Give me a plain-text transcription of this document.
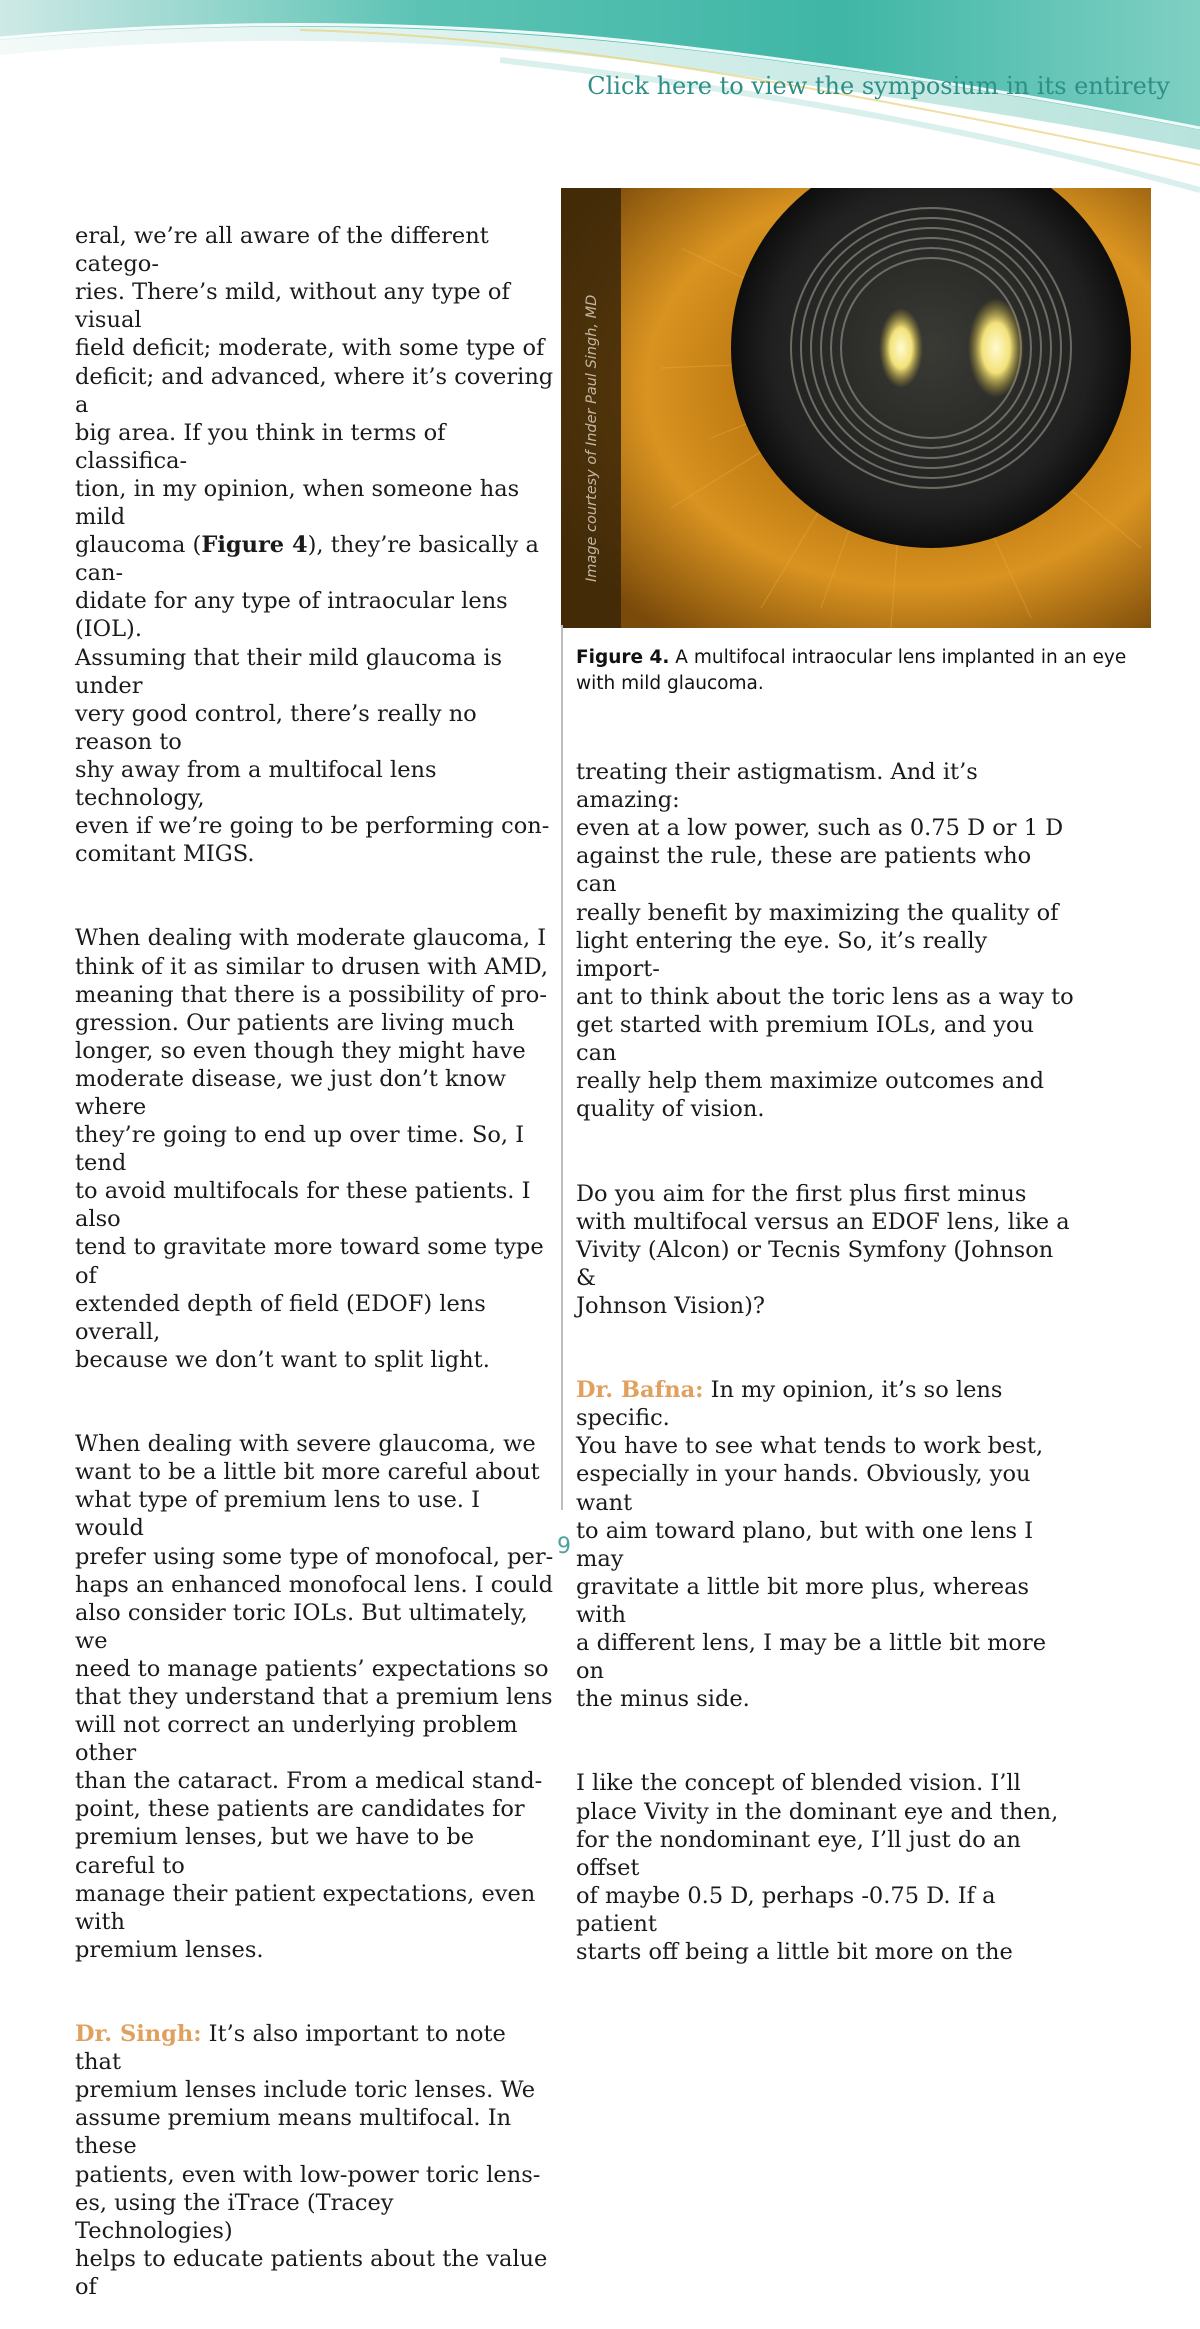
Click here to view the symposium in its entirety

eral, we’re all aware of the different catego-
ries. There’s mild, without any type of visual
field deficit; moderate, with some type of
deficit; and advanced, where it’s covering a
big area. If you think in terms of classifica-
tion, in my opinion, when someone has mild
glaucoma (Figure 4), they’re basically a can-
didate for any type of intraocular lens (IOL).
Assuming that their mild glaucoma is under
very good control, there’s really no reason to
shy away from a multifocal lens technology,
even if we’re going to be performing con-
comitant MIGS.

When dealing with moderate glaucoma, I
think of it as similar to drusen with AMD,
meaning that there is a possibility of pro-
gression. Our patients are living much
longer, so even though they might have
moderate disease, we just don’t know where
they’re going to end up over time. So, I tend
to avoid multifocals for these patients. I also
tend to gravitate more toward some type of
extended depth of field (EDOF) lens overall,
because we don’t want to split light.

When dealing with severe glaucoma, we
want to be a little bit more careful about
what type of premium lens to use. I would
prefer using some type of monofocal, per-
haps an enhanced monofocal lens. I could
also consider toric IOLs. But ultimately, we
need to manage patients’ expectations so
that they understand that a premium lens
will not correct an underlying problem other
than the cataract. From a medical stand-
point, these patients are candidates for
premium lenses, but we have to be careful to
manage their patient expectations, even with
premium lenses.

Dr. Singh: It’s also important to note that
premium lenses include toric lenses. We
assume premium means multifocal. In these
patients, even with low-power toric lens-
es, using the iTrace (Tracey Technologies)
helps to educate patients about the value of

Image courtesy of Inder Paul Singh, MD
Figure 4. A multifocal intraocular lens implanted in an eye
with mild glaucoma.

treating their astigmatism. And it’s amazing:
even at a low power, such as 0.75 D or 1 D
against the rule, these are patients who can
really benefit by maximizing the quality of
light entering the eye. So, it’s really import-
ant to think about the toric lens as a way to
get started with premium IOLs, and you can
really help them maximize outcomes and
quality of vision.

Do you aim for the first plus first minus
with multifocal versus an EDOF lens, like a
Vivity (Alcon) or Tecnis Symfony (Johnson &
Johnson Vision)?

Dr. Bafna: In my opinion, it’s so lens specific.
You have to see what tends to work best,
especially in your hands. Obviously, you want
to aim toward plano, but with one lens I may
gravitate a little bit more plus, whereas with
a different lens, I may be a little bit more on
the minus side.

I like the concept of blended vision. I’ll
place Vivity in the dominant eye and then,
for the nondominant eye, I’ll just do an offset
of maybe 0.5 D, perhaps -0.75 D. If a patient
starts off being a little bit more on the

9
